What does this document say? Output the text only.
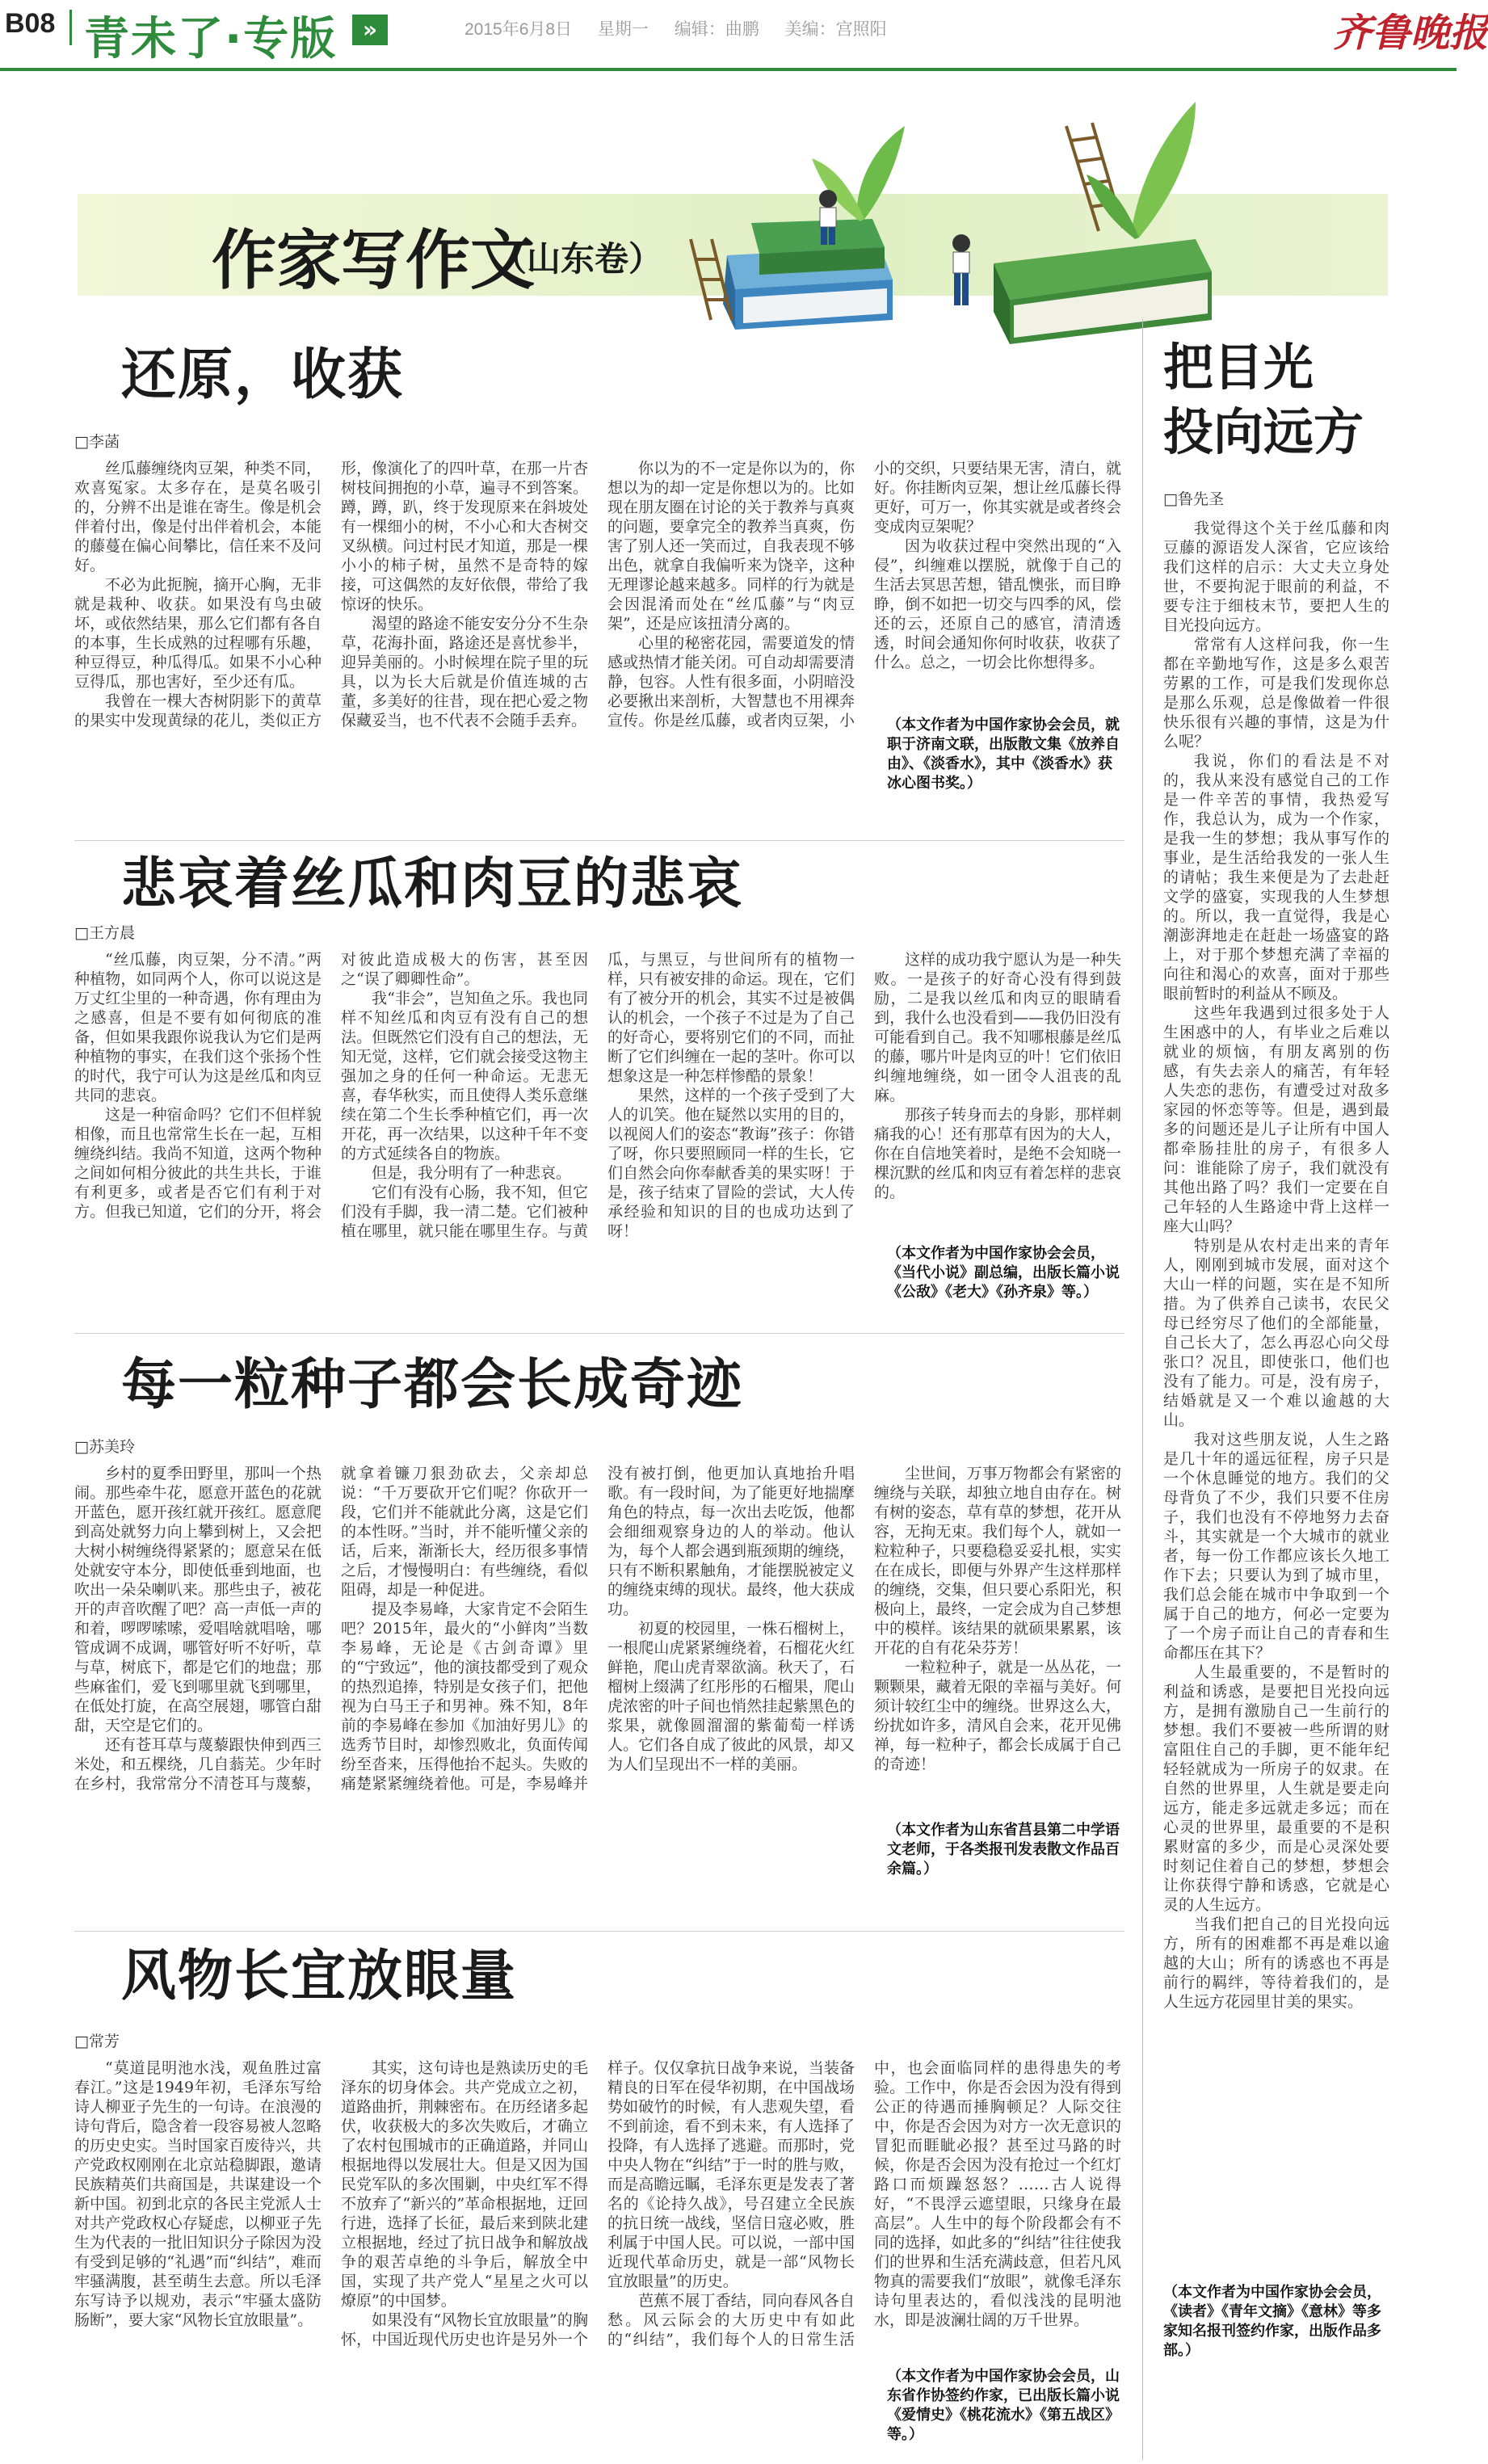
B08 青未了·专版	»	2015年6月8日 星期一 编辑：曲鹏 美编：宫照阳	齐鲁晚报
作家写作文
（山东卷）
还原，收获
□李菡

丝瓜藤缠绕肉豆架，种类不同，欢喜冤家。太多存在，是莫名吸引的，分辨不出是谁在寄生。像是机会伴着付出，像是付出伴着机会，本能的藤蔓在偏心间攀比，信任来不及问好。

不必为此扼腕，摘开心胸，无非就是栽种、收获。如果没有鸟虫破坏，或依然结果，那么它们都有各自的本事，生长成熟的过程哪有乐趣，种豆得豆，种瓜得瓜。如果不小心种豆得瓜，那也害好，至少还有瓜。

我曾在一棵大杏树阴影下的黄草的果实中发现黄绿的花儿，类似正方形，像演化了的四叶草，在那一片杏树枝间拥抱的小草，遍寻不到答案。蹲，蹲，趴，终于发现原来在斜坡处有一棵细小的树，不小心和大杏树交叉纵横。问过村民才知道，那是一棵小小的柿子树，虽然不是奇特的嫁接，可这偶然的友好依偎，带给了我惊讶的快乐。

渴望的路途不能安安分分不生杂草，花海扑面，路途还是喜忧参半，迎异美丽的。小时候埋在院子里的玩具，以为长大后就是价值连城的古董，多美好的往昔，现在把心爱之物保藏妥当，也不代表不会随手丢弃。

你以为的不一定是你以为的，你想以为的却一定是你想以为的。比如现在朋友圈在讨论的关于教养与真爽的问题，要拿完全的教养当真爽，伤害了别人还一笑而过，自我表现不够出色，就拿自我偏听来为饶辛，这种无理谬论越来越多。同样的行为就是会因混淆而处在“丝瓜藤”与“肉豆架”，还是应该扭清分离的。

心里的秘密花园，需要道发的情感或热情才能关闭。可自动却需要清静，包容。人性有很多面，小阴暗没必要揪出来剖析，大智慧也不用裸奔宣传。你是丝瓜藤，或者肉豆架，小小的交织，只要结果无害，清白，就好。你挂断肉豆架，想让丝瓜藤长得更好，可万一，你其实就是或者终会变成肉豆架呢？

因为收获过程中突然出现的“入侵”，纠缠难以摆脱，就像于自己的生活去冥思苦想，错乱懊张，而目睁睁，倒不如把一切交与四季的风，偿还的云，还原自己的感官，清清透透，时间会通知你何时收获，收获了什么。总之，一切会比你想得多。

（本文作者为中国作家协会会员，就职于济南文联，出版散文集《放养自由》、《淡香水》，其中《淡香水》获冰心图书奖。）
悲哀着丝瓜和肉豆的悲哀
□王方晨

“丝瓜藤，肉豆架，分不清。”两种植物，如同两个人，你可以说这是万丈红尘里的一种奇遇，你有理由为之感喜，但是不要有如何彻底的准备，但如果我跟你说我认为它们是两种植物的事实，在我们这个张扬个性的时代，我宁可认为这是丝瓜和肉豆共同的悲哀。

这是一种宿命吗？它们不但样貌相像，而且也常常生长在一起，互相缠绕纠结。我尚不知道，这两个物种之间如何相分彼此的共生共长，于谁有利更多，或者是否它们有利于对方。但我已知道，它们的分开，将会对彼此造成极大的伤害，甚至因之“误了卿卿性命”。

我“非会”，岂知鱼之乐。我也同样不知丝瓜和肉豆有没有自己的想法。但既然它们没有自己的想法，无知无觉，这样，它们就会接受这物主强加之身的任何一种命运。无悲无喜，春华秋实，而且使得人类乐意继续在第二个生长季种植它们，再一次开花，再一次结果，以这种千年不变的方式延续各自的物族。

但是，我分明有了一种悲哀。

它们有没有心肠，我不知，但它们没有手脚，我一清二楚。它们被种植在哪里，就只能在哪里生存。与黄瓜，与黑豆，与世间所有的植物一样，只有被安排的命运。现在，它们有了被分开的机会，其实不过是被偶认的机会，一个孩子不过是为了自己的好奇心，要将别它们的不同，而扯断了它们纠缠在一起的茎叶。你可以想象这是一种怎样惨酷的景象！

果然，这样的一个孩子受到了大人的讥笑。他在疑然以实用的目的，以视阅人们的姿态“教诲”孩子：你错了呀，你只要照顾同一样的生长，它们自然会向你奉献香美的果实呀！于是，孩子结束了冒险的尝试，大人传承经验和知识的目的也成功达到了呀！

这样的成功我宁愿认为是一种失败。一是孩子的好奇心没有得到鼓励，二是我以丝瓜和肉豆的眼睛看到，我什么也没看到——我仍旧没有可能看到自己。我不知哪根藤是丝瓜的藤，哪片叶是肉豆的叶！它们依旧纠缠地缠绕，如一团令人沮丧的乱麻。

那孩子转身而去的身影，那样刺痛我的心！还有那草有因为的大人，你在自信地笑着时，是绝不会知晓一棵沉默的丝瓜和肉豆有着怎样的悲哀的。

（本文作者为中国作家协会会员，《当代小说》副总编，出版长篇小说《公敌》《老大》《孙齐泉》等。）
每一粒种子都会长成奇迹
□苏美玲

乡村的夏季田野里，那叫一个热闹。那些牵牛花，愿意开蓝色的花就开蓝色，愿开孩红就开孩红。愿意爬到高处就努力向上攀到树上，又会把大树小树缠绕得紧紧的；愿意呆在低处就安守本分，即使低垂到地面，也吹出一朵朵喇叭来。那些虫子，被花开的声音吹醒了吧？高一声低一声的和着，啰啰嗦嗦，爱唱啥就唱啥，哪管成调不成调，哪管好听不好听，草与草，树底下，都是它们的地盘；那些麻雀们，爱飞到哪里就飞到哪里，在低处打旋，在高空展翅，哪管白甜甜，天空是它们的。

还有苍耳草与蔑藜跟快伸到西三米处，和五棵绕，几自蓊芜。少年时在乡村，我常常分不清苍耳与蔑藜，就拿着镰刀狠劲砍去，父亲却总说：“千万要砍开它们呢？你砍开一段，它们并不能就此分离，这是它们的本性呀。”当时，并不能听懂父亲的话，后来，渐渐长大，经历很多事情之后，才慢慢明白：有些缠绕，看似阻碍，却是一种促进。

提及李易峰，大家肯定不会陌生吧？2015年，最火的“小鲜肉”当数李易峰，无论是《古剑奇谭》里的“宁致远”，他的演技都受到了观众的热烈追捧，特别是女孩子们，把他视为白马王子和男神。殊不知，8年前的李易峰在参加《加油好男儿》的选秀节目时，却惨烈败北，负面传闻纷至沓来，压得他抬不起头。失败的痛楚紧紧缠绕着他。可是，李易峰并没有被打倒，他更加认真地抬升唱歌。有一段时间，为了能更好地揣摩角色的特点，每一次出去吃饭，他都会细细观察身边的人的举动。他认为，每个人都会遇到瓶颈期的缠绕，只有不断积累触角，才能摆脱被定义的缠绕束缚的现状。最终，他大获成功。

初夏的校园里，一株石榴树上，一根爬山虎紧紧缠绕着，石榴花火红鲜艳，爬山虎青翠欲滴。秋天了，石榴树上缀满了红彤彤的石榴果，爬山虎浓密的叶子间也悄然挂起紫黑色的浆果，就像圆溜溜的紫葡萄一样诱人。它们各自成了彼此的风景，却又为人们呈现出不一样的美丽。

尘世间，万事万物都会有紧密的缠绕与关联，却独立地自由存在。树有树的姿态，草有草的梦想，花开从容，无拘无束。我们每个人，就如一粒粒种子，只要稳稳妥妥扎根，实实在在成长，即便与外界产生这样那样的缠绕，交集，但只要心系阳光，积极向上，最终，一定会成为自己梦想中的模样。该结果的就硕果累累，该开花的自有花朵芬芳！

一粒粒种子，就是一丛丛花，一颗颗果，藏着无限的幸福与美好。何须计较红尘中的缠绕。世界这么大，纷扰如许多，清风自会来，花开见佛禅，每一粒种子，都会长成属于自己的奇迹！

（本文作者为山东省莒县第二中学语文老师，于各类报刊发表散文作品百余篇。）
风物长宜放眼量
□常芳

“莫道昆明池水浅，观鱼胜过富春江。”这是1949年初，毛泽东写给诗人柳亚子先生的一句诗。在浪漫的诗句背后，隐含着一段容易被人忽略的历史史实。当时国家百废待兴，共产党政权刚刚在北京站稳脚跟，邀请民族精英们共商国是，共谋建设一个新中国。初到北京的各民主党派人士对共产党政权心存疑虑，以柳亚子先生为代表的一批旧知识分子除因为没有受到足够的“礼遇”而“纠结”，难而牢骚满腹，甚至萌生去意。所以毛泽东写诗予以规劝，表示“牢骚太盛防肠断”，要大家“风物长宜放眼量”。

其实，这句诗也是熟读历史的毛泽东的切身体会。共产党成立之初，道路曲折，荆棘密布。在历经诸多起伏，收获极大的多次失败后，才确立了农村包围城市的正确道路，并同山根据地得以发展壮大。但是又因为国民党军队的多次围剿，中央红军不得不放弃了“新兴的”革命根据地，迂回行进，选择了长征，最后来到陕北建立根据地，经过了抗日战争和解放战争的艰苦卓绝的斗争后，解放全中国，实现了共产党人“星星之火可以燎原”的中国梦。

如果没有“风物长宜放眼量”的胸怀，中国近现代历史也许是另外一个样子。仅仅拿抗日战争来说，当装备精良的日军在侵华初期，在中国战场势如破竹的时候，有人悲观失望，看不到前途，看不到未来，有人选择了投降，有人选择了逃避。而那时，党中央人物在“纠结”于一时的胜与败，而是高瞻远瞩，毛泽东更是发表了著名的《论持久战》，号召建立全民族的抗日统一战线，坚信日寇必败，胜利属于中国人民。可以说，一部中国近现代革命历史，就是一部“风物长宜放眼量”的历史。

芭蕉不展丁香结，同向春风各自愁。风云际会的大历史中有如此的“纠结”，我们每个人的日常生活中，也会面临同样的患得患失的考验。工作中，你是否会因为没有得到公正的待遇而捶胸顿足？人际交往中，你是否会因为对方一次无意识的冒犯而睚眦必报？甚至过马路的时候，你是否会因为没有抢过一个红灯路口而烦躁怒怒？……古人说得好，“不畏浮云遮望眼，只缘身在最高层”。人生中的每个阶段都会有不同的选择，如此多的“纠结”往往使我们的世界和生活充满歧意，但若凡风物真的需要我们“放眼”，就像毛泽东诗句里表达的，看似浅浅的昆明池水，即是波澜壮阔的万千世界。

（本文作者为中国作家协会会员，山东省作协签约作家，已出版长篇小说《爱情史》《桃花流水》《第五战区》等。）
把目光
投向远方
□鲁先圣

我觉得这个关于丝瓜藤和肉豆藤的源语发人深省，它应该给我们这样的启示：大丈夫立身处世，不要拘泥于眼前的利益，不要专注于细枝末节，要把人生的目光投向远方。

常常有人这样问我，你一生都在辛勤地写作，这是多么艰苦劳累的工作，可是我们发现你总是那么乐观，总是像做着一件很快乐很有兴趣的事情，这是为什么呢？

我说，你们的看法是不对的，我从来没有感觉自己的工作是一件辛苦的事情，我热爱写作，我总认为，成为一个作家，是我一生的梦想；我从事写作的事业，是生活给我发的一张人生的请帖；我生来便是为了去赴赶文学的盛宴，实现我的人生梦想的。所以，我一直觉得，我是心潮澎湃地走在赶赴一场盛宴的路上，对于那个梦想充满了幸福的向往和渴心的欢喜，面对于那些眼前暂时的利益从不顾及。

这些年我遇到过很多处于人生困惑中的人，有毕业之后难以就业的烦恼，有朋友离别的伤感，有失去亲人的痛苦，有年轻人失恋的悲伤，有遭受过对敌多家园的怀恋等等。但是，遇到最多的问题还是儿子让所有中国人都牵肠挂肚的房子，有很多人问：谁能除了房子，我们就没有其他出路了吗？我们一定要在自己年轻的人生路途中背上这样一座大山吗？

特别是从农村走出来的青年人，刚刚到城市发展，面对这个大山一样的问题，实在是不知所措。为了供养自己读书，农民父母已经穷尽了他们的全部能量，自己长大了，怎么再忍心向父母张口？况且，即使张口，他们也没有了能力。可是，没有房子，结婚就是又一个难以逾越的大山。

我对这些朋友说，人生之路是几十年的遥远征程，房子只是一个休息睡觉的地方。我们的父母背负了不少，我们只要不住房子，我们也没有不停地努力去奋斗，其实就是一个大城市的就业者，每一份工作都应该长久地工作下去；只要认为到了城市里，我们总会能在城市中争取到一个属于自己的地方，何必一定要为了一个房子而让自己的青春和生命都压在其下？

人生最重要的，不是暂时的利益和诱惑，是要把目光投向远方，是拥有激励自己一生前行的梦想。我们不要被一些所谓的财富阻住自己的手脚，更不能年纪轻轻就成为一所房子的奴隶。在自然的世界里，人生就是要走向远方，能走多远就走多远；而在心灵的世界里，最重要的不是积累财富的多少，而是心灵深处要时刻记住着自己的梦想，梦想会让你获得宁静和诱惑，它就是心灵的人生远方。

当我们把自己的目光投向远方，所有的困难都不再是难以逾越的大山；所有的诱惑也不再是前行的羁绊，等待着我们的，是人生远方花园里甘美的果实。

（本文作者为中国作家协会会员，《读者》《青年文摘》《意林》等多家知名报刊签约作家，出版作品多部。）
